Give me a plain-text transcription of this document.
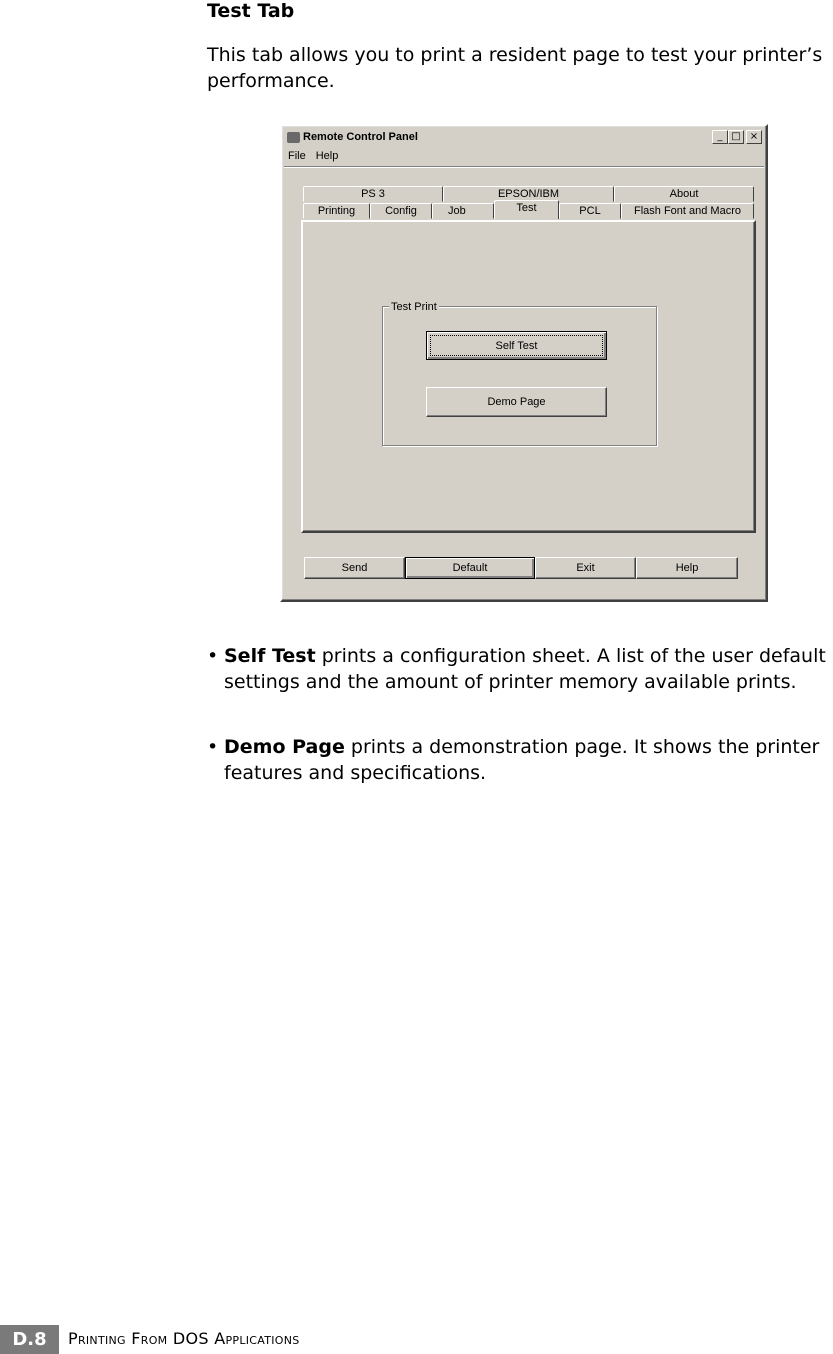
Test Tab
This tab allows you to print a resident page to test your printer’s performance.
Remote Control Panel	_ □ ×
File Help
PS 3	EPSON/IBM	About
Printing	Config	Job	Test	PCL	Flash Font and Macro
Test Print
Self Test
Demo Page
Send	Default	Exit	Help
• Self Test prints a configuration sheet. A list of the user default settings and the amount of printer memory available prints.
• Demo Page prints a demonstration page. It shows the printer features and specifications.
D.8	Printing From DOS Applications
